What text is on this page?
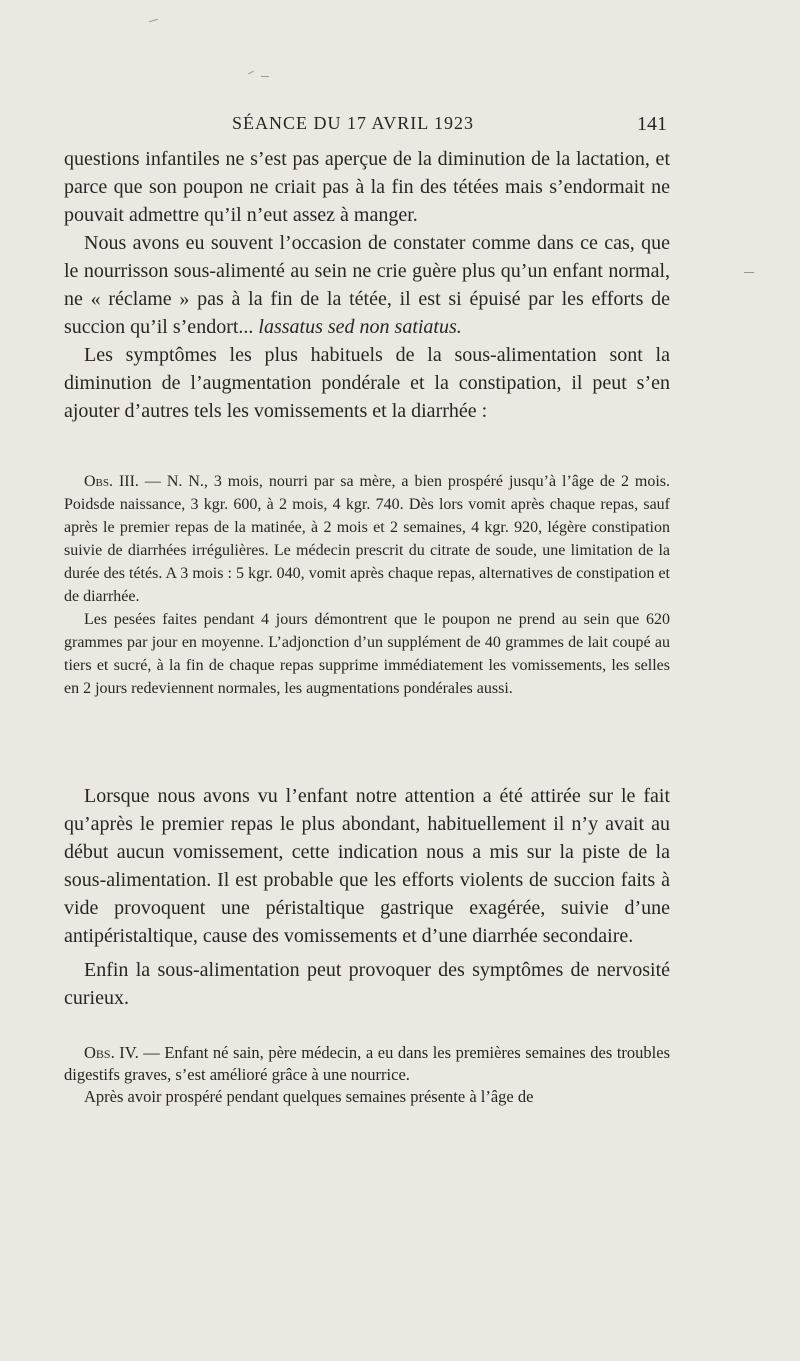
SÉANCE DU 17 AVRIL 1923	141

questions infantiles ne s’est pas aperçue de la diminution de la lactation, et parce que son poupon ne criait pas à la fin des tétées mais s’endormait ne pouvait admettre qu’il n’eut assez à manger.

Nous avons eu souvent l’occasion de constater comme dans ce cas, que le nourrisson sous-alimenté au sein ne crie guère plus qu’un enfant normal, ne « réclame » pas à la fin de la tétée, il est si épuisé par les efforts de succion qu’il s’endort... lassatus sed non satiatus.

Les symptômes les plus habituels de la sous-alimentation sont la diminution de l’augmentation pondérale et la constipation, il peut s’en ajouter d’autres tels les vomissements et la diarrhée :

Obs. III. — N. N., 3 mois, nourri par sa mère, a bien prospéré jusqu’à l’âge de 2 mois. Poidsde naissance, 3 kgr. 600, à 2 mois, 4 kgr. 740. Dès lors vomit après chaque repas, sauf après le premier repas de la matinée, à 2 mois et 2 semaines, 4 kgr. 920, légère constipation suivie de diarrhées irrégulières. Le médecin prescrit du citrate de soude, une limitation de la durée des tétés. A 3 mois : 5 kgr. 040, vomit après chaque repas, alternatives de constipation et de diarrhée.

Les pesées faites pendant 4 jours démontrent que le poupon ne prend au sein que 620 grammes par jour en moyenne. L’adjonction d’un supplément de 40 grammes de lait coupé au tiers et sucré, à la fin de chaque repas supprime immédiatement les vomissements, les selles en 2 jours redeviennent normales, les augmentations pondérales aussi.

Lorsque nous avons vu l’enfant notre attention a été attirée sur le fait qu’après le premier repas le plus abondant, habituellement il n’y avait au début aucun vomissement, cette indication nous a mis sur la piste de la sous-alimentation. Il est probable que les efforts violents de succion faits à vide provoquent une péristaltique gastrique exagérée, suivie d’une antipéristaltique, cause des vomissements et d’une diarrhée secondaire.

Enfin la sous-alimentation peut provoquer des symptômes de nervosité curieux.

Obs. IV. — Enfant né sain, père médecin, a eu dans les premières semaines des troubles digestifs graves, s’est amélioré grâce à une nourrice.

Après avoir prospéré pendant quelques semaines présente à l’âge de
